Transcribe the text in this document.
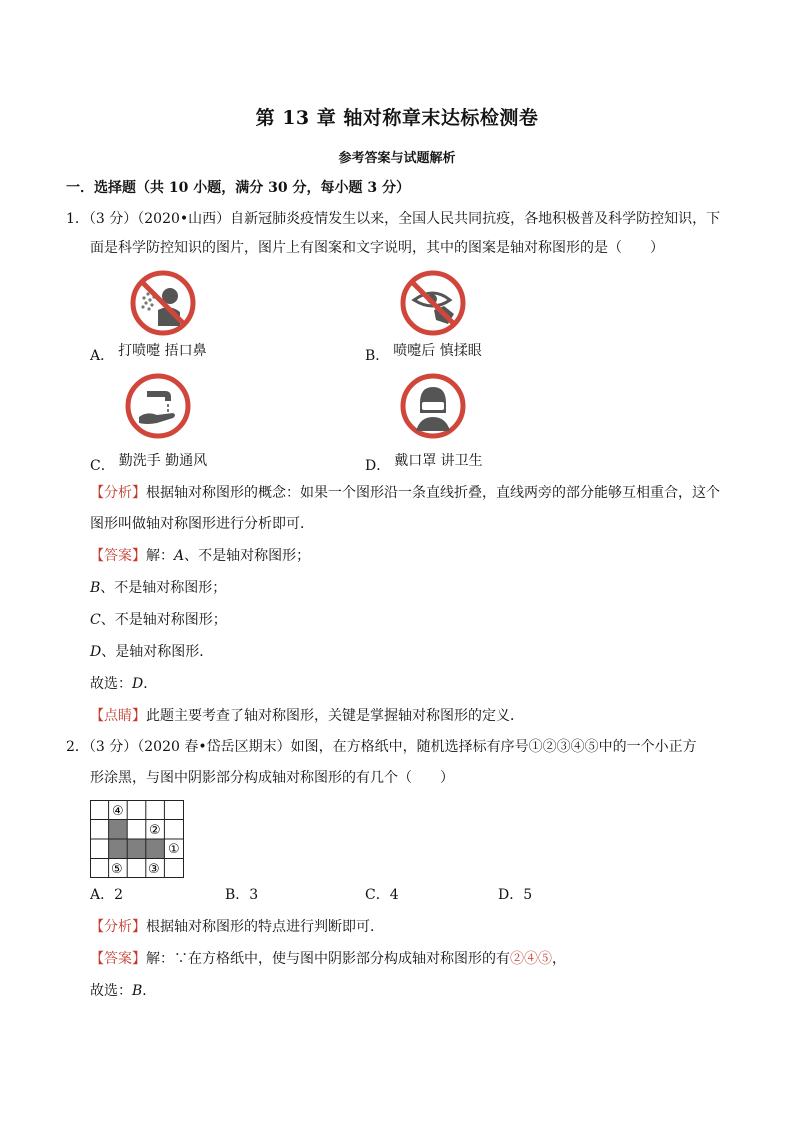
第 13 章 轴对称章末达标检测卷
参考答案与试题解析
一．选择题（共 10 小题，满分 30 分，每小题 3 分）
1．（3 分）（2020•山西）自新冠肺炎疫情发生以来，全国人民共同抗疫，各地积极普及科学防控知识，下
面是科学防控知识的图片，图片上有图案和文字说明，其中的图案是轴对称图形的是（　　）
A． 打喷嚏 捂口鼻	B． 喷嚏后 慎揉眼
C． 勤洗手 勤通风	D． 戴口罩 讲卫生
【分析】根据轴对称图形的概念：如果一个图形沿一条直线折叠，直线两旁的部分能够互相重合，这个
图形叫做轴对称图形进行分析即可．
【答案】解：A、不是轴对称图形；
B、不是轴对称图形；
C、不是轴对称图形；
D、是轴对称图形．
故选：D．
【点睛】此题主要考查了轴对称图形，关键是掌握轴对称图形的定义．
2．（3 分）（2020 春•岱岳区期末）如图，在方格纸中，随机选择标有序号①②③④⑤中的一个小正方
形涂黑，与图中阴影部分构成轴对称图形的有几个（　　）
④
②
①
⑤ ③
A．2	B．3	C．4	D．5
【分析】根据轴对称图形的特点进行判断即可．
【答案】解：∵在方格纸中，使与图中阴影部分构成轴对称图形的有②④⑤，
故选：B．
